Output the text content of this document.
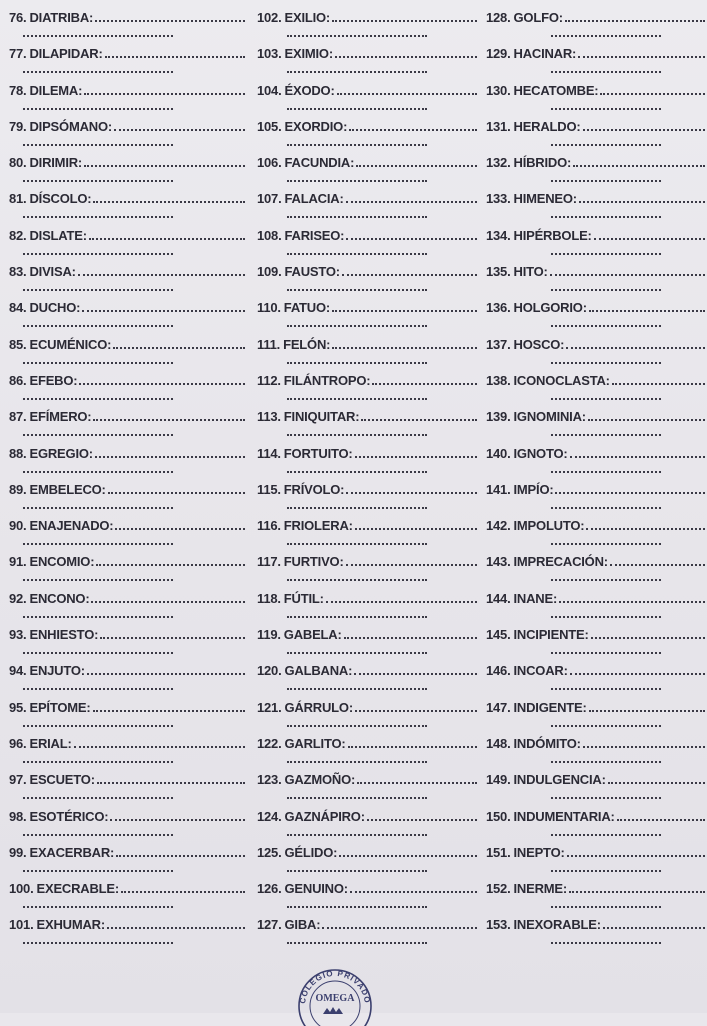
76. DIATRIBA:
77. DILAPIDAR:
78. DILEMA:
79. DIPSÓMANO:
80. DIRIMIR:
81. DÍSCOLO:
82. DISLATE:
83. DIVISA:
84. DUCHO:
85. ECUMÉNICO:
86. EFEBO:
87. EFÍMERO:
88. EGREGIO:
89. EMBELECO:
90. ENAJENADO:
91. ENCOMIO:
92. ENCONO:
93. ENHIESTO:
94. ENJUTO:
95. EPÍTOME:
96. ERIAL:
97. ESCUETO:
98. ESOTÉRICO:
99. EXACERBAR:
100. EXECRABLE:
101. EXHUMAR:
102. EXILIO:
103. EXIMIO:
104. ÉXODO:
105. EXORDIO:
106. FACUNDIA:
107. FALACIA:
108. FARISEO:
109. FAUSTO:
110. FATUO:
111. FELÓN:
112. FILÁNTROPO:
113. FINIQUITAR:
114. FORTUITO:
115. FRÍVOLO:
116. FRIOLERA:
117. FURTIVO:
118. FÚTIL:
119. GABELA:
120. GALBANA:
121. GÁRRULO:
122. GARLITO:
123. GAZMOÑO:
124. GAZNÁPIRO:
125. GÉLIDO:
126. GENUINO:
127. GIBA:
128. GOLFO:
129. HACINAR:
130. HECATOMBE:
131. HERALDO:
132. HÍBRIDO:
133. HIMENEO:
134. HIPÉRBOLE:
135. HITO:
136. HOLGORIO:
137. HOSCO:
138. ICONOCLASTA:
139. IGNOMINIA:
140. IGNOTO:
141. IMPÍO:
142. IMPOLUTO:
143. IMPRECACIÓN:
144. INANE:
145. INCIPIENTE:
146. INCOAR:
147. INDIGENTE:
148. INDÓMITO:
149. INDULGENCIA:
150. INDUMENTARIA:
151. INEPTO:
152. INERME:
153. INEXORABLE:
COLEGIO PRIVADO
OMEGA
